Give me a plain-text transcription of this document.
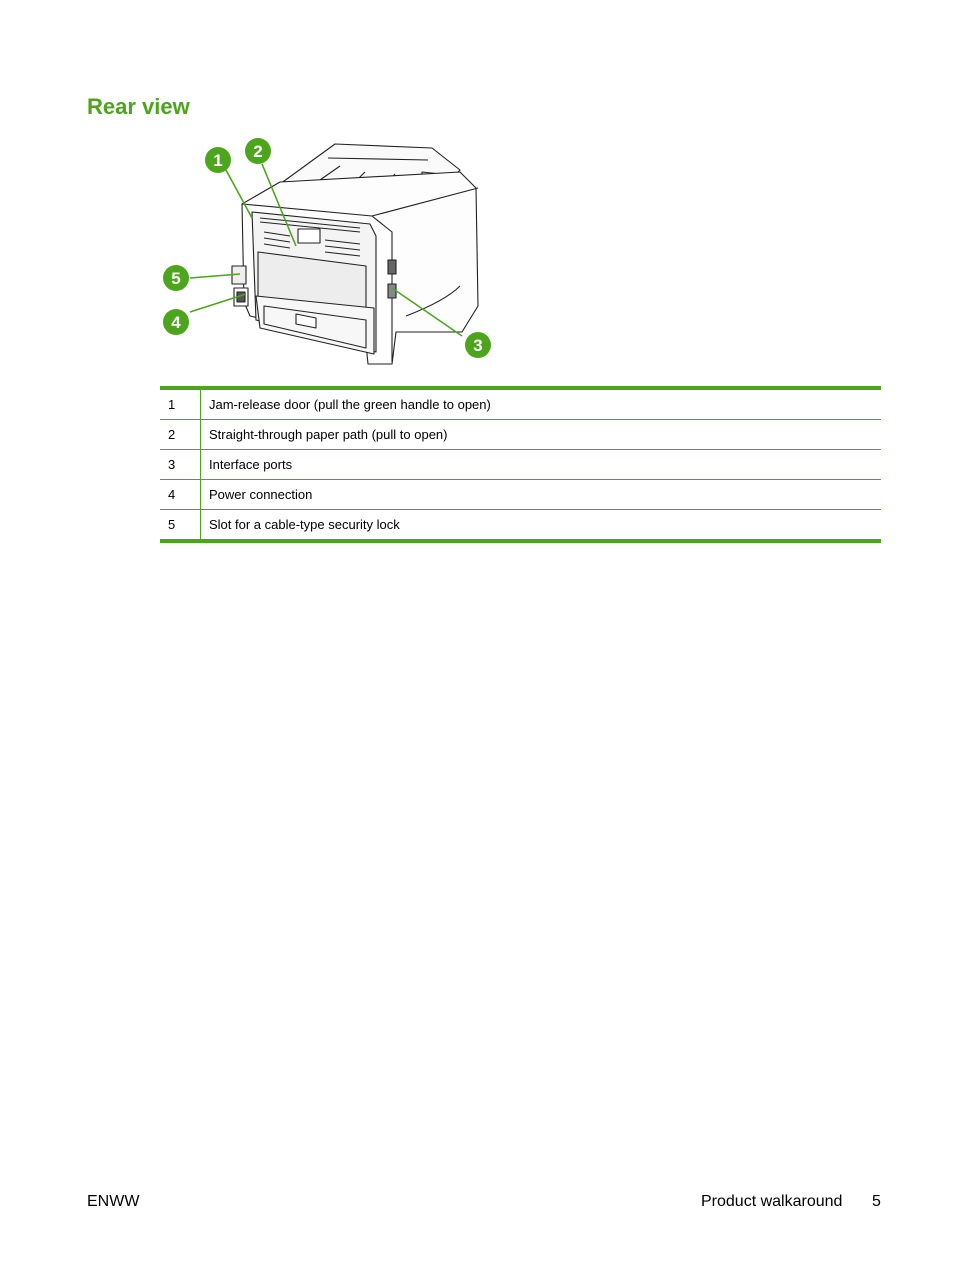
Rear view
1 2
3
4
5
1	Jam-release door (pull the green handle to open)
2	Straight-through paper path (pull to open)
3	Interface ports
4	Power connection
5	Slot for a cable-type security lock
ENWW	Product walkaround 5
